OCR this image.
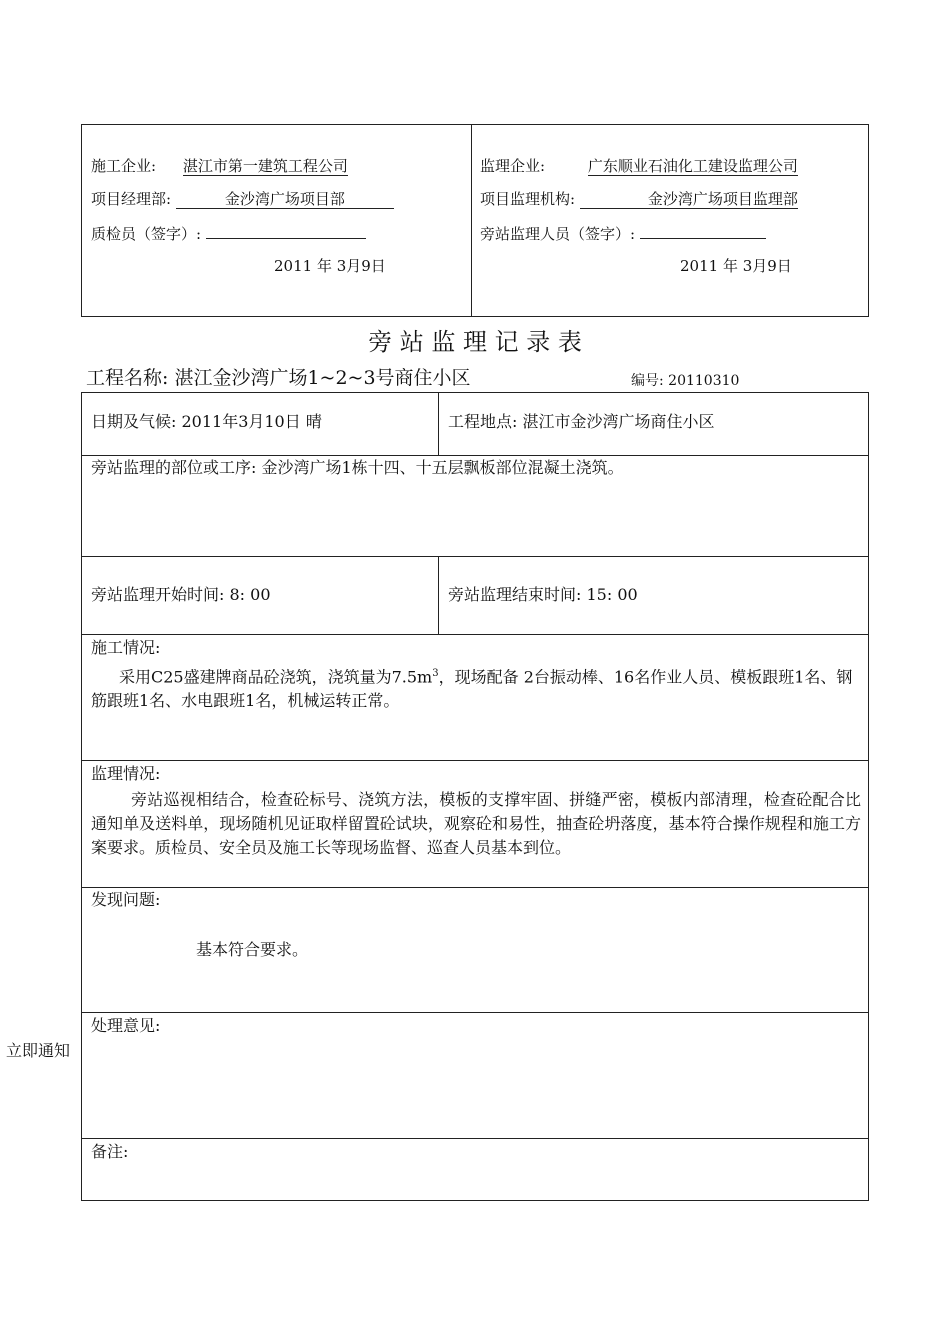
施工企业: 湛江市第一建筑工程公司
项目经理部:	金沙湾广场项目部
质检员（签字）:
2011 年 3月9日
监理企业:	广东顺业石油化工建设监理公司
项目监理机构:	金沙湾广场项目监理部
旁站监理人员（签字）:
2011 年 3月9日
旁 站 监 理 记 录 表
工程名称: 湛江金沙湾广场1~2~3号商住小区	编号: 20110310
日期及气候: 2011年3月10日 晴	工程地点: 湛江市金沙湾广场商住小区
旁站监理的部位或工序: 金沙湾广场1栋十四、十五层飘板部位混凝土浇筑。
旁站监理开始时间: 8: 00	旁站监理结束时间: 15: 00
施工情况:
采用C25盛建牌商品砼浇筑，浇筑量为$7.5m^3$，现场配备 2台振动棒、16名作业人员、模板跟班1名、钢筋跟班1名、水电跟班1名，机械运转正常。
监理情况:
旁站巡视相结合，检查砼标号、浇筑方法，模板的支撑牢固、拼缝严密，模板内部清理，检查砼配合比通知单及送料单，现场随机见证取样留置砼试块，观察砼和易性，抽查砼坍落度，基本符合操作规程和施工方案要求。质检员、安全员及施工长等现场监督、巡查人员基本到位。
发现问题:
基本符合要求。
处理意见:
立即通知
备注:
